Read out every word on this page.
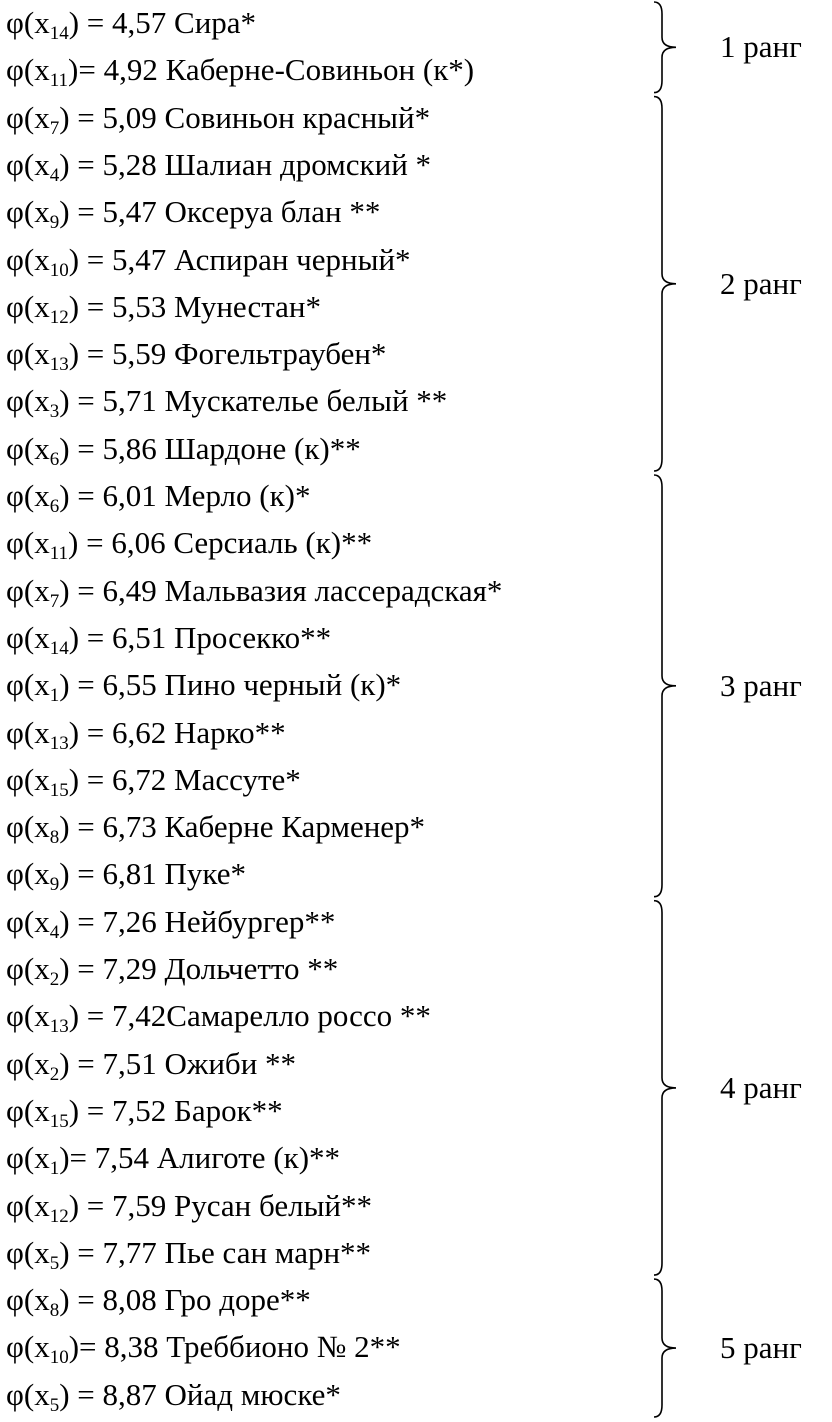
$\varphi(x_{14}) = 4,57$ Сира*
$\varphi(x_{11})= 4,92$ Каберне-Совиньон (к*)
$\varphi(x_7) = 5,09$ Совиньон красный*
$\varphi(x_4) = 5,28$ Шалиан дромский *
$\varphi(x_9) = 5,47$ Оксеруа блан **
$\varphi(x_{10}) = 5,47$ Аспиран черный*
$\varphi(x_{12}) = 5,53$ Мунестан*
$\varphi(x_{13}) = 5,59$ Фогельтраубен*
$\varphi(x_3) = 5,71$ Мускателье белый **
$\varphi(x_6) = 5,86$ Шардоне (к)**
$\varphi(x_6) = 6,01$ Мерло (к)*
$\varphi(x_{11}) = 6,06$ Серсиаль (к)**
$\varphi(x_7) = 6,49$ Мальвазия лассерадская*
$\varphi(x_{14}) = 6,51$ Просекко**
$\varphi(x_1) = 6,55$ Пино черный (к)*
$\varphi(x_{13}) = 6,62$ Нарко**
$\varphi(x_{15}) = 6,72$ Массуте*
$\varphi(x_8) = 6,73$ Каберне Карменер*
$\varphi(x_9) = 6,81$ Пуке*
$\varphi(x_4) = 7,26$ Нейбургер**
$\varphi(x_2) = 7,29$ Дольчетто **
$\varphi(x_{13})$ = 7,42Самарелло россо **
$\varphi(x_2) = 7,51$ Ожиби **
$\varphi(x_{15}) = 7,52$ Барок**
$\varphi(x_1)= 7,54$ Алиготе (к)**
$\varphi(x_{12}) = 7,59$ Русан белый**
$\varphi(x_5) = 7,77$ Пье сан марн**
$\varphi(x_8) = 8,08$ Гро доре**
$\varphi(x_{10})= 8,38$ Треббионо № 2**
$\varphi(x_5) = 8,87$ Ойад мюске*
1 ранг
2 ранг
3 ранг
4 ранг
5 ранг
